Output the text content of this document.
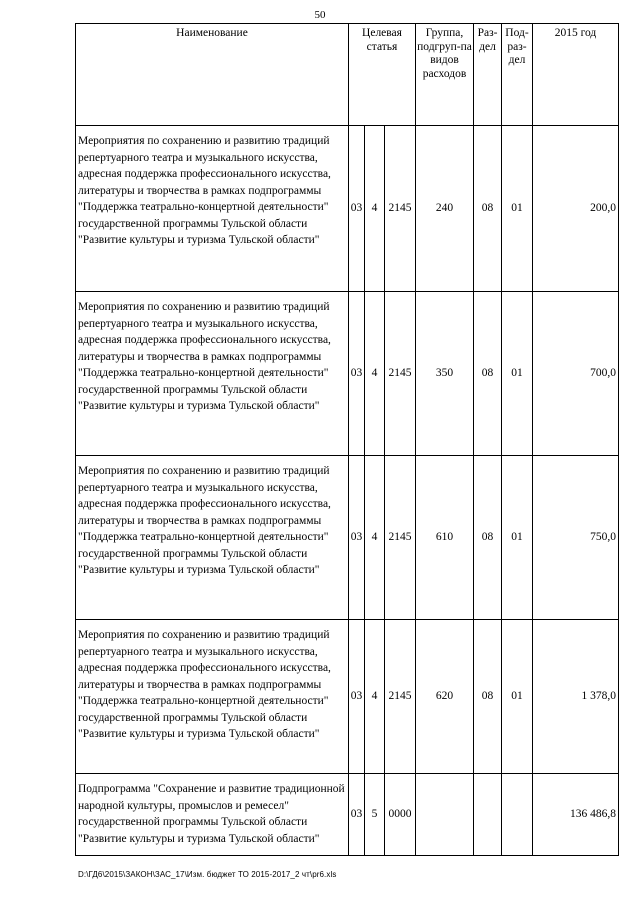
50
Наименование	Целевая статья			Группа, подгруп-па видов расходов	Раз-дел	Под-раз-дел	2015 год
Мероприятия по сохранению и развитию традиций репертуарного театра и музыкального искусства, адресная поддержка профессионального искусства, литературы и творчества в рамках подпрограммы "Поддержка театрально-концертной деятельности" государственной программы Тульской области "Развитие культуры и туризма Тульской области"	03	4	2145	240	08	01	200,0
Мероприятия по сохранению и развитию традиций репертуарного театра и музыкального искусства, адресная поддержка профессионального искусства, литературы и творчества в рамках подпрограммы "Поддержка театрально-концертной деятельности" государственной программы Тульской области "Развитие культуры и туризма Тульской области"	03	4	2145	350	08	01	700,0
Мероприятия по сохранению и развитию традиций репертуарного театра и музыкального искусства, адресная поддержка профессионального искусства, литературы и творчества в рамках подпрограммы "Поддержка театрально-концертной деятельности" государственной программы Тульской области "Развитие культуры и туризма Тульской области"	03	4	2145	610	08	01	750,0
Мероприятия по сохранению и развитию традиций репертуарного театра и музыкального искусства, адресная поддержка профессионального искусства, литературы и творчества в рамках подпрограммы "Поддержка театрально-концертной деятельности" государственной программы Тульской области "Развитие культуры и туризма Тульской области"	03	4	2145	620	08	01	1 378,0
Подпрограмма "Сохранение и развитие традиционной народной культуры, промыслов и ремесел" государственной программы Тульской области "Развитие культуры и туризма Тульской области"	03	5	0000				136 486,8
D:\ГД6\2015\ЗАКОН\ЗАС_17\Изм. бюджет ТО 2015-2017_2 чт\pr6.xls
